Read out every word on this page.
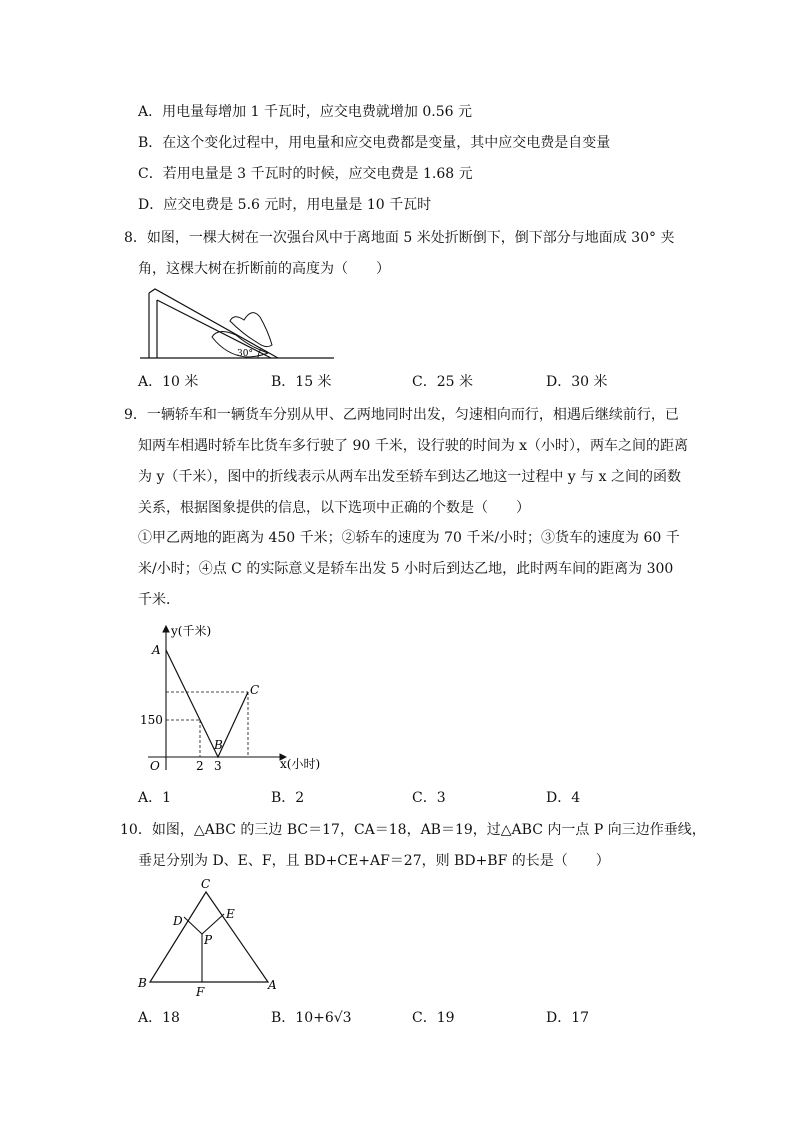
A．用电量每增加 1 千瓦时，应交电费就增加 0.56 元
B．在这个变化过程中，用电量和应交电费都是变量，其中应交电费是自变量
C．若用电量是 3 千瓦时的时候，应交电费是 1.68 元
D．应交电费是 5.6 元时，用电量是 10 千瓦时
8．如图，一棵大树在一次强台风中于离地面 5 米处折断倒下，倒下部分与地面成 30° 夹
角，这棵大树在折断前的高度为（　　）
30°
A．10 米	B．15 米	C．25 米	D．30 米
9．一辆轿车和一辆货车分别从甲、乙两地同时出发，匀速相向而行，相遇后继续前行，已
知两车相遇时轿车比货车多行驶了 90 千米，设行驶的时间为 x（小时），两车之间的距离
为 y（千米），图中的折线表示从两车出发至轿车到达乙地这一过程中 y 与 x 之间的函数
关系，根据图象提供的信息，以下选项中正确的个数是（　　）
①甲乙两地的距离为 450 千米；②轿车的速度为 70 千米/小时；③货车的速度为 60 千
米/小时；④点 C 的实际意义是轿车出发 5 小时后到达乙地，此时两车间的距离为 300
千米．
y(千米)
x(小时)
O
150
2 3
A
B
C
A．1	B．2	C．3	D．4
10．如图，△ABC 的三边 BC＝17，CA＝18，AB＝19，过△ABC 内一点 P 向三边作垂线，
垂足分别为 D、E、F，且 BD+CE+AF＝27，则 BD+BF 的长是（　　）
C
D	E
P
B
F	A
A．18	B．10+6√3	C．19	D．17
